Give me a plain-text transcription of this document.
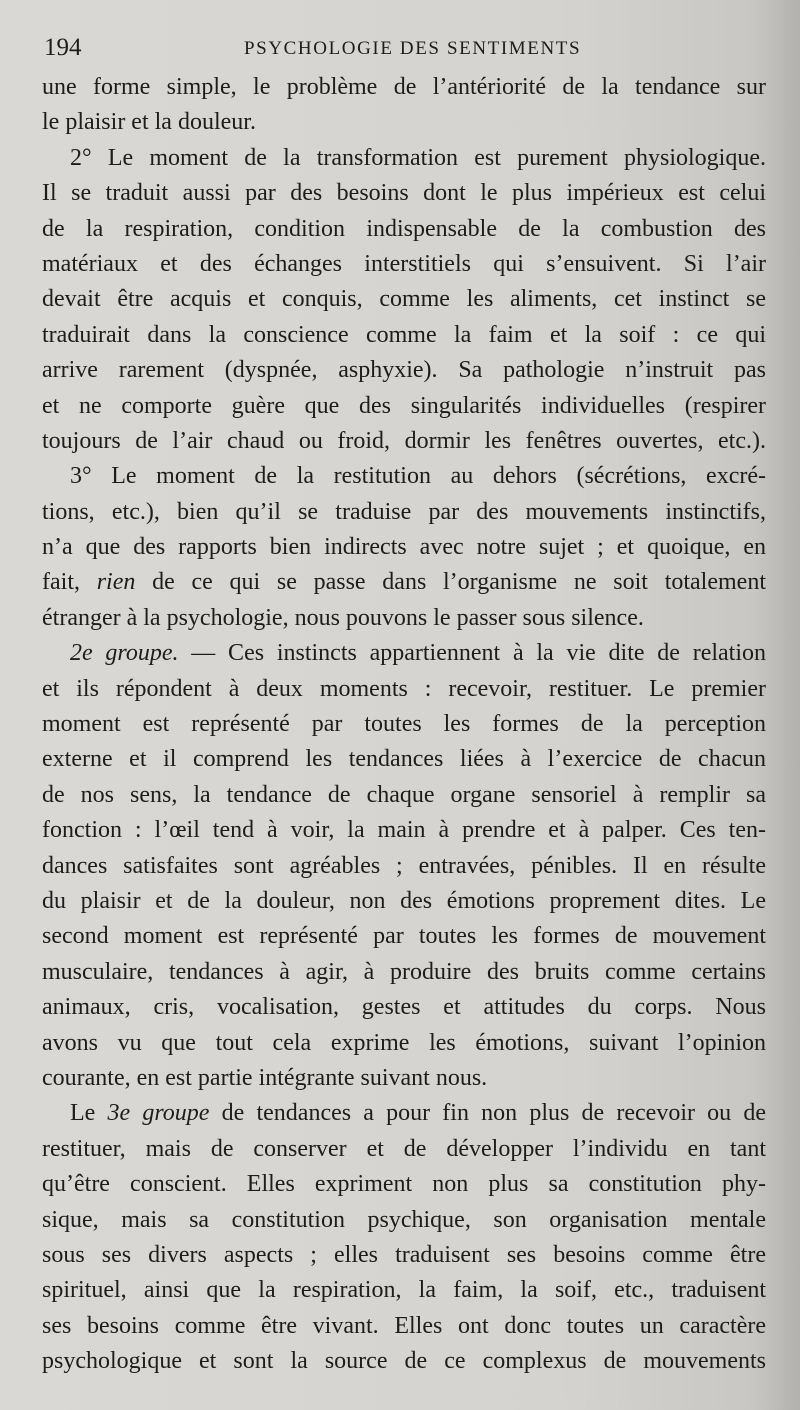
194	PSYCHOLOGIE DES SENTIMENTS
une forme simple, le problème de l’antériorité de la tendance sur
le plaisir et la douleur.
2° Le moment de la transformation est purement physiologique.
Il se traduit aussi par des besoins dont le plus impérieux est celui
de la respiration, condition indispensable de la combustion des
matériaux et des échanges interstitiels qui s’ensuivent. Si l’air
devait être acquis et conquis, comme les aliments, cet instinct se
traduirait dans la conscience comme la faim et la soif : ce qui
arrive rarement (dyspnée, asphyxie). Sa pathologie n’instruit pas
et ne comporte guère que des singularités individuelles (respirer
toujours de l’air chaud ou froid, dormir les fenêtres ouvertes, etc.).
3° Le moment de la restitution au dehors (sécrétions, excré-
tions, etc.), bien qu’il se traduise par des mouvements instinctifs,
n’a que des rapports bien indirects avec notre sujet ; et quoique, en
fait, rien de ce qui se passe dans l’organisme ne soit totalement
étranger à la psychologie, nous pouvons le passer sous silence.
2e groupe. — Ces instincts appartiennent à la vie dite de relation
et ils répondent à deux moments : recevoir, restituer. Le premier
moment est représenté par toutes les formes de la perception
externe et il comprend les tendances liées à l’exercice de chacun
de nos sens, la tendance de chaque organe sensoriel à remplir sa
fonction : l’œil tend à voir, la main à prendre et à palper. Ces ten-
dances satisfaites sont agréables ; entravées, pénibles. Il en résulte
du plaisir et de la douleur, non des émotions proprement dites. Le
second moment est représenté par toutes les formes de mouvement
musculaire, tendances à agir, à produire des bruits comme certains
animaux, cris, vocalisation, gestes et attitudes du corps. Nous
avons vu que tout cela exprime les émotions, suivant l’opinion
courante, en est partie intégrante suivant nous.
Le 3e groupe de tendances a pour fin non plus de recevoir ou de
restituer, mais de conserver et de développer l’individu en tant
qu’être conscient. Elles expriment non plus sa constitution phy-
sique, mais sa constitution psychique, son organisation mentale
sous ses divers aspects ; elles traduisent ses besoins comme être
spirituel, ainsi que la respiration, la faim, la soif, etc., traduisent
ses besoins comme être vivant. Elles ont donc toutes un caractère
psychologique et sont la source de ce complexus de mouvements
